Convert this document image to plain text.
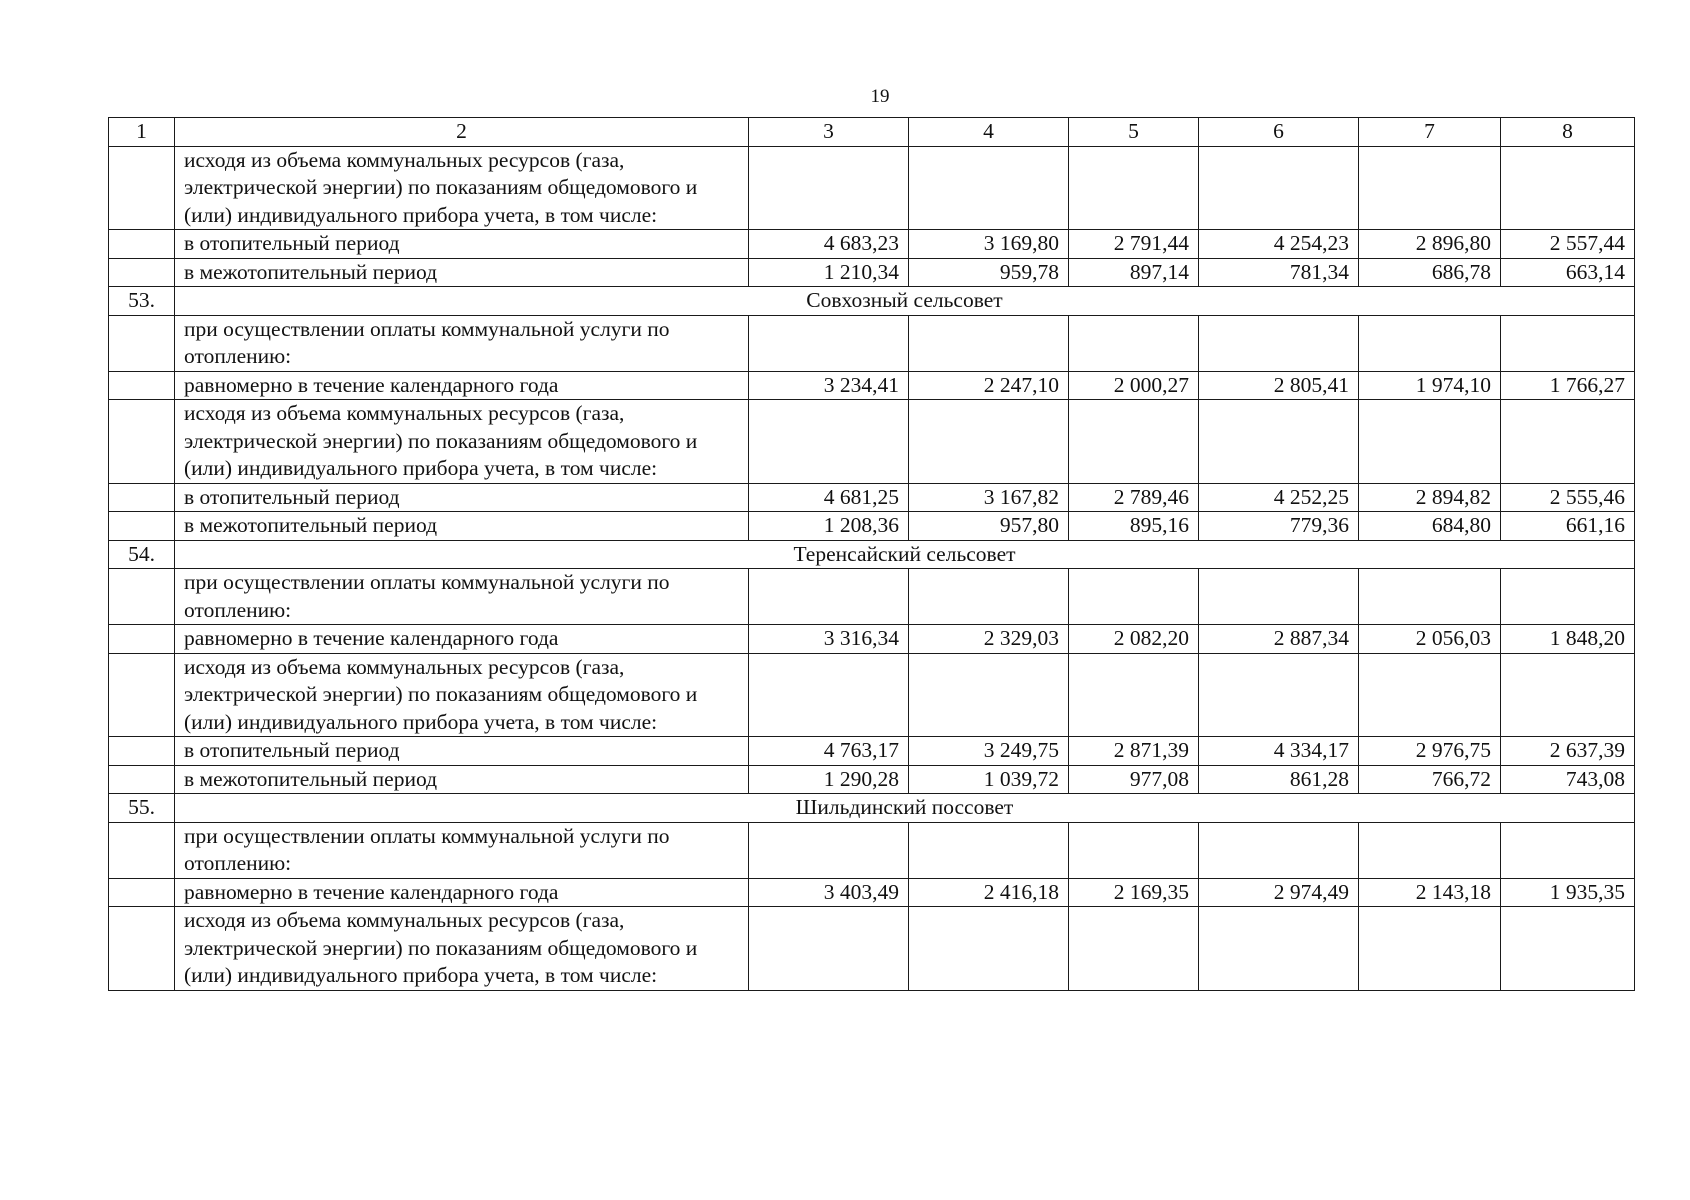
19
1	2	3	4	5	6	7	8
	исходя из объема коммунальных ресурсов (газа, электрической энергии) по показаниям общедомового и (или) индивидуального прибора учета, в том числе:						
	в отопительный период	4 683,23	3 169,80	2 791,44	4 254,23	2 896,80	2 557,44
	в межотопительный период	1 210,34	959,78	897,14	781,34	686,78	663,14
53.	Совхозный сельсовет						
	при осуществлении оплаты коммунальной услуги по отоплению:						
	равномерно в течение календарного года	3 234,41	2 247,10	2 000,27	2 805,41	1 974,10	1 766,27
	исходя из объема коммунальных ресурсов (газа, электрической энергии) по показаниям общедомового и (или) индивидуального прибора учета, в том числе:						
	в отопительный период	4 681,25	3 167,82	2 789,46	4 252,25	2 894,82	2 555,46
	в межотопительный период	1 208,36	957,80	895,16	779,36	684,80	661,16
54.	Теренсайский сельсовет						
	при осуществлении оплаты коммунальной услуги по отоплению:						
	равномерно в течение календарного года	3 316,34	2 329,03	2 082,20	2 887,34	2 056,03	1 848,20
	исходя из объема коммунальных ресурсов (газа, электрической энергии) по показаниям общедомового и (или) индивидуального прибора учета, в том числе:						
	в отопительный период	4 763,17	3 249,75	2 871,39	4 334,17	2 976,75	2 637,39
	в межотопительный период	1 290,28	1 039,72	977,08	861,28	766,72	743,08
55.	Шильдинский поссовет						
	при осуществлении оплаты коммунальной услуги по отоплению:						
	равномерно в течение календарного года	3 403,49	2 416,18	2 169,35	2 974,49	2 143,18	1 935,35
	исходя из объема коммунальных ресурсов (газа, электрической энергии) по показаниям общедомового и (или) индивидуального прибора учета, в том числе:						
